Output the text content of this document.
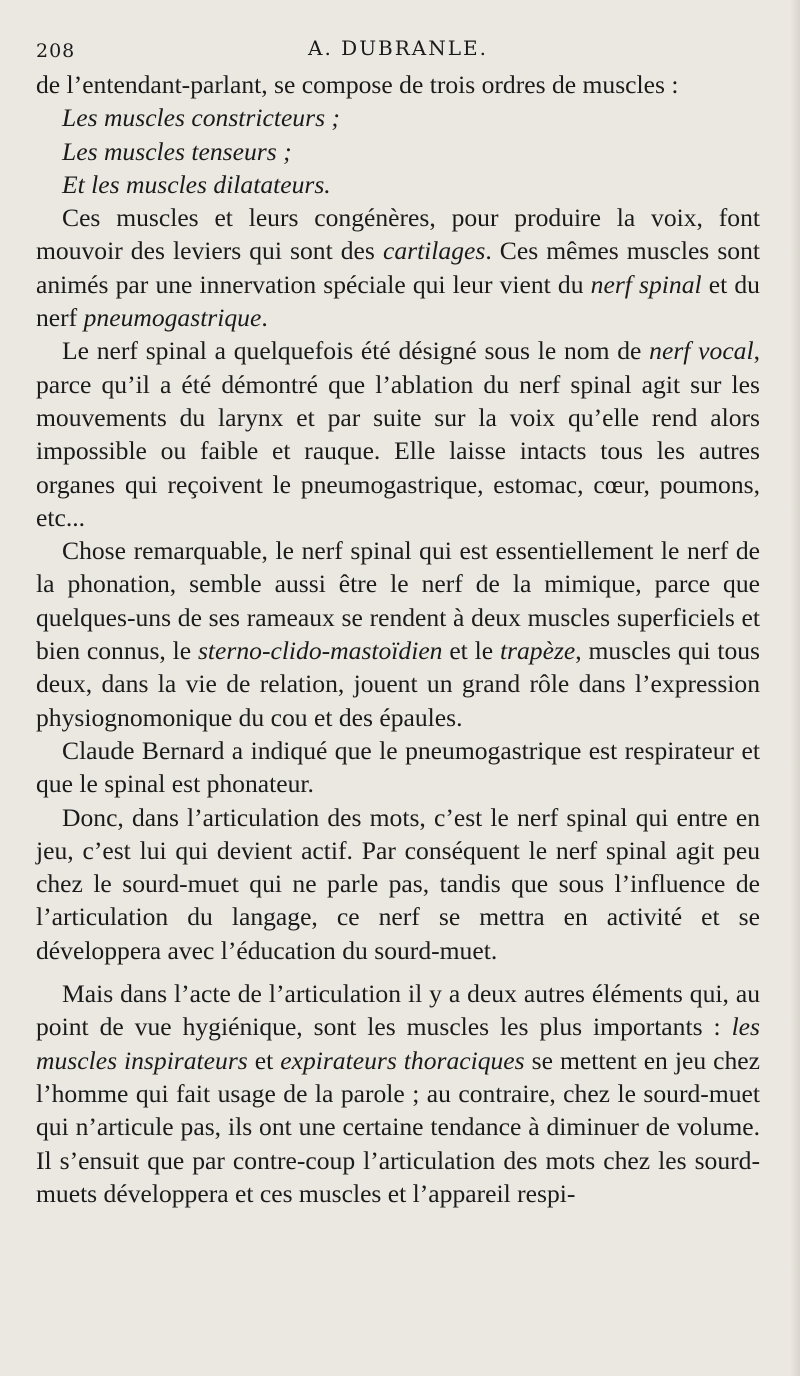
208	A. DUBRANLE.

de l’entendant-parlant, se compose de trois ordres de muscles :

Les muscles constricteurs ;

Les muscles tenseurs ;

Et les muscles dilatateurs.

Ces muscles et leurs congénères, pour produire la voix, font mouvoir des leviers qui sont des cartilages. Ces mêmes muscles sont animés par une innervation spéciale qui leur vient du nerf spinal et du nerf pneumogastrique.

Le nerf spinal a quelquefois été désigné sous le nom de nerf vocal, parce qu’il a été démontré que l’ablation du nerf spinal agit sur les mouvements du larynx et par suite sur la voix qu’elle rend alors impossible ou faible et rauque. Elle laisse intacts tous les autres organes qui reçoivent le pneumogastrique, estomac, cœur, poumons, etc...

Chose remarquable, le nerf spinal qui est essentiellement le nerf de la phonation, semble aussi être le nerf de la mimique, parce que quelques-uns de ses rameaux se rendent à deux muscles superficiels et bien connus, le sterno-clido-mastoïdien et le trapèze, muscles qui tous deux, dans la vie de relation, jouent un grand rôle dans l’expression physiognomonique du cou et des épaules.

Claude Bernard a indiqué que le pneumogastrique est respirateur et que le spinal est phonateur.

Donc, dans l’articulation des mots, c’est le nerf spinal qui entre en jeu, c’est lui qui devient actif. Par conséquent le nerf spinal agit peu chez le sourd-muet qui ne parle pas, tandis que sous l’influence de l’articulation du langage, ce nerf se mettra en activité et se développera avec l’éducation du sourd-muet.

Mais dans l’acte de l’articulation il y a deux autres éléments qui, au point de vue hygiénique, sont les muscles les plus importants : les muscles inspirateurs et expirateurs thoraciques se mettent en jeu chez l’homme qui fait usage de la parole ; au contraire, chez le sourd-muet qui n’articule pas, ils ont une certaine tendance à diminuer de volume. Il s’ensuit que par contre-coup l’articulation des mots chez les sourd-muets développera et ces muscles et l’appareil respi-
